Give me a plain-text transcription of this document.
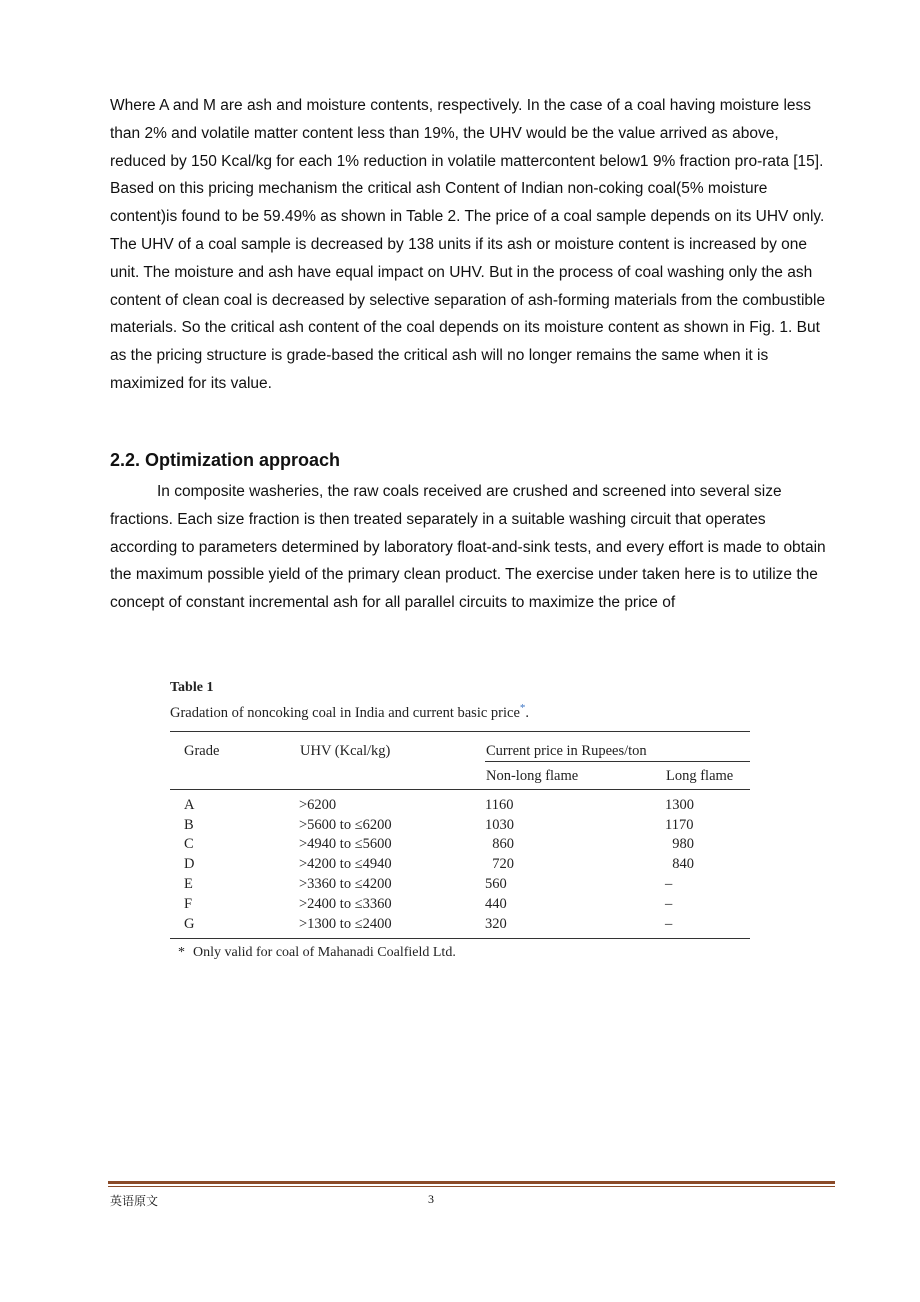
Where A and M are ash and moisture contents, respectively. In the case of a coal having moisture less than 2% and volatile matter content less than 19%, the UHV would be the value arrived as above, reduced by 150 Kcal/kg for each 1% reduction in volatile mattercontent below1 9% fraction pro-rata [15]. Based on this pricing mechanism the critical ash Content of Indian non-coking coal(5% moisture content)is found to be 59.49% as shown in Table 2. The price of a coal sample depends on its UHV only. The UHV of a coal sample is decreased by 138 units if its ash or moisture content is increased by one unit. The moisture and ash have equal impact on UHV. But in the process of coal washing only the ash content of clean coal is decreased by selective separation of ash-forming materials from the combustible materials. So the critical ash content of the coal depends on its moisture content as shown in Fig. 1. But as the pricing structure is grade-based the critical ash will no longer remains the same when it is maximized for its value.

2.2. Optimization approach

In composite washeries, the raw coals received are crushed and screened into several size fractions. Each size fraction is then treated separately in a suitable washing circuit that operates according to parameters determined by laboratory float-and-sink tests, and every effort is made to obtain the maximum possible yield of the primary clean product. The exercise under taken here is to utilize the concept of constant incremental ash for all parallel circuits to maximize the price of

Table 1
Gradation of noncoking coal in India and current basic price*.
Grade	UHV (Kcal/kg)	Current price in Rupees/ton	
		Non-long flame	Long flame
A	>6200	1160	1300
B	>5600 to ≤6200	1030	1170
C	>4940 to ≤5600	860	980
D	>4200 to ≤4940	720	840
E	>3360 to ≤4200	560	–
F	>2400 to ≤3360	440	–
G	>1300 to ≤2400	320	–
* Only valid for coal of Mahanadi Coalfield Ltd.
英语原文	3
